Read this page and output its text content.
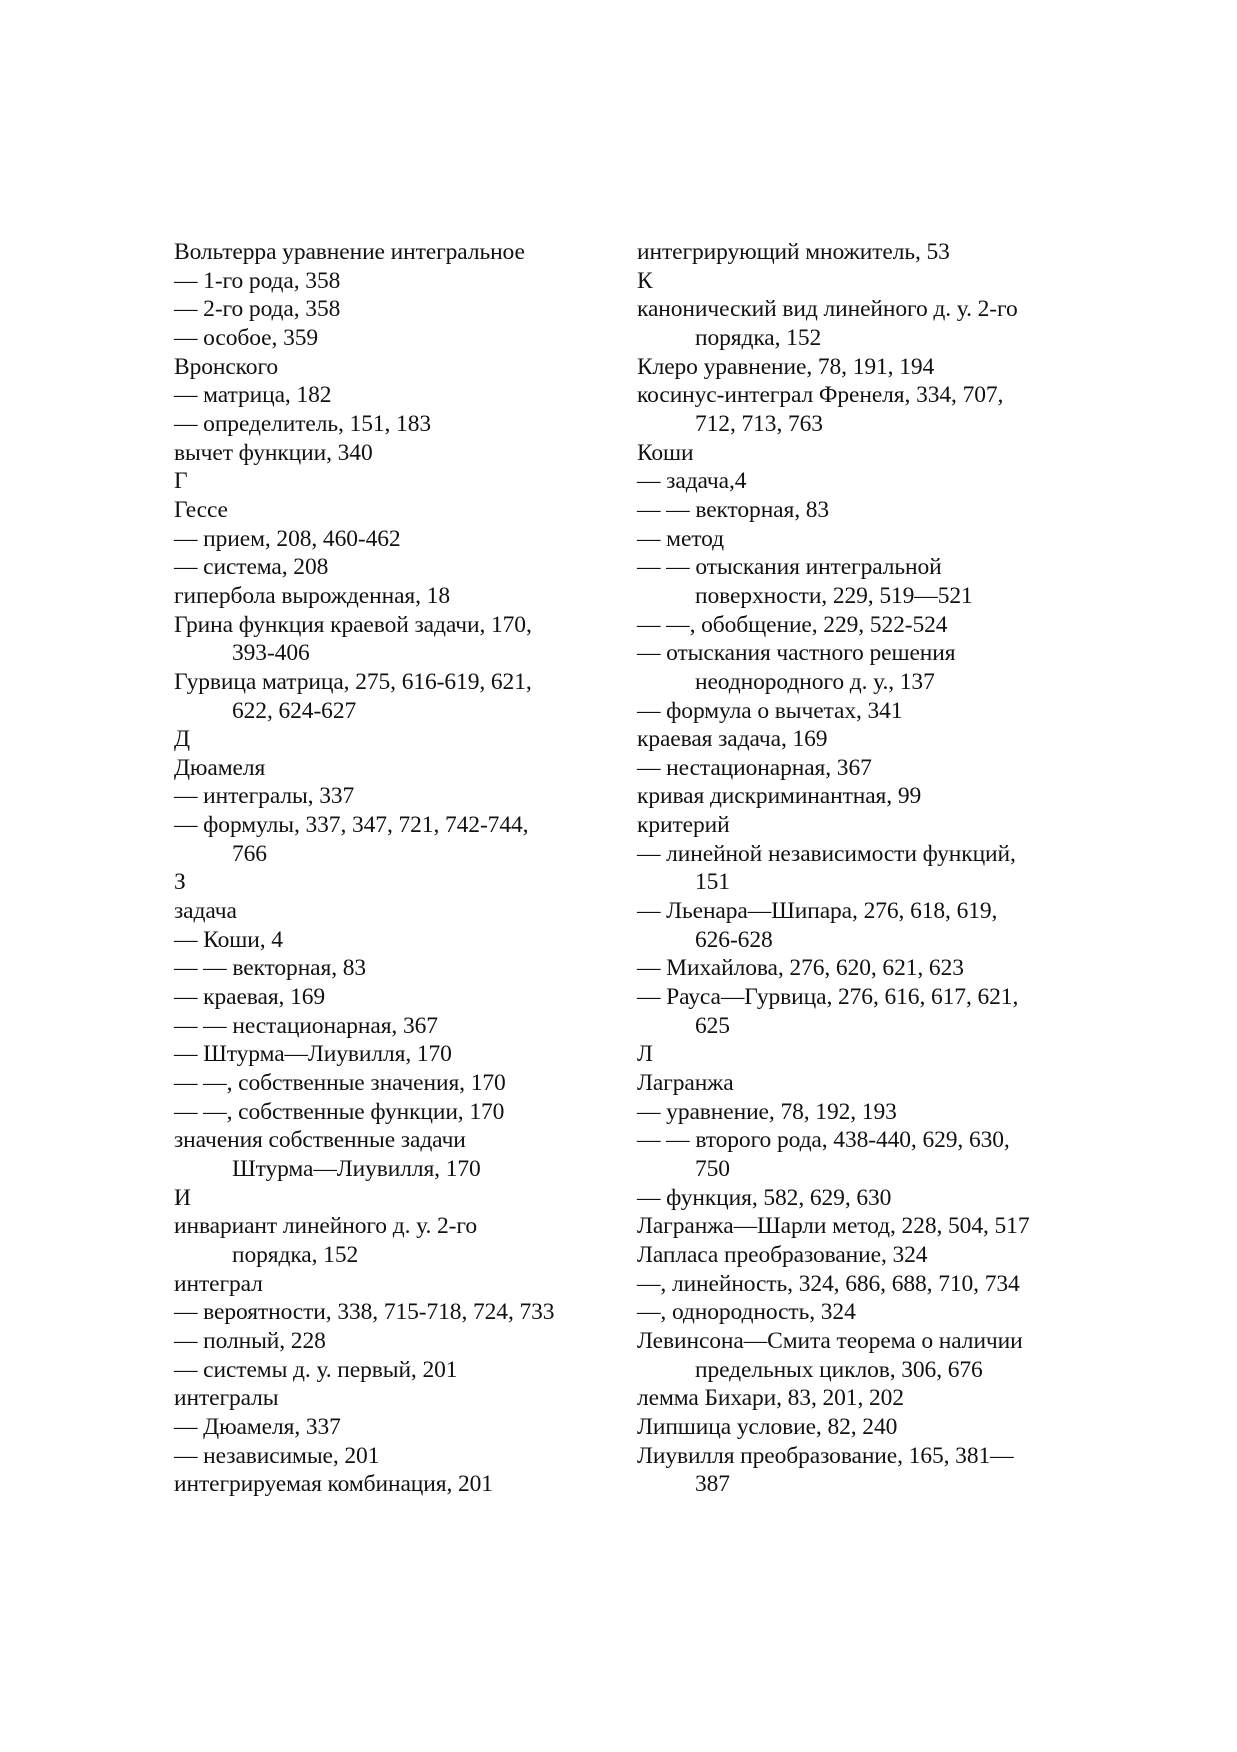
Вольтерра уравнение интегральное
— 1-го рода, 358
— 2-го рода, 358
— особое, 359
Вронского
— матрица, 182
— определитель, 151, 183
вычет функции, 340
Г
Гессе
— прием, 208, 460-462
— система, 208
гипербола вырожденная, 18
Грина функция краевой задачи, 170,
393-406
Гурвица матрица, 275, 616-619, 621,
622, 624-627
Д
Дюамеля
— интегралы, 337
— формулы, 337, 347, 721, 742-744,
766
З
задача
— Коши, 4
— — векторная, 83
— краевая, 169
— — нестационарная, 367
— Штурма—Лиувилля, 170
— —, собственные значения, 170
— —, собственные функции, 170
значения собственные задачи
Штурма—Лиувилля, 170
И
инвариант линейного д. у. 2-го
порядка, 152
интеграл
— вероятности, 338, 715-718, 724, 733
— полный, 228
— системы д. у. первый, 201
интегралы
— Дюамеля, 337
— независимые, 201
интегрируемая комбинация, 201
интегрирующий множитель, 53
К
канонический вид линейного д. у. 2-го
порядка, 152
Клеро уравнение, 78, 191, 194
косинус-интеграл Френеля, 334, 707,
712, 713, 763
Коши
— задача,4
— — векторная, 83
— метод
— — отыскания интегральной
поверхности, 229, 519—521
— —, обобщение, 229, 522-524
— отыскания частного решения
неоднородного д. у., 137
— формула о вычетах, 341
краевая задача, 169
— нестационарная, 367
кривая дискриминантная, 99
критерий
— линейной независимости функций,
151
— Льенара—Шипара, 276, 618, 619,
626-628
— Михайлова, 276, 620, 621, 623
— Рауса—Гурвица, 276, 616, 617, 621,
625
Л
Лагранжа
— уравнение, 78, 192, 193
— — второго рода, 438-440, 629, 630,
750
— функция, 582, 629, 630
Лагранжа—Шарли метод, 228, 504, 517
Лапласа преобразование, 324
—, линейность, 324, 686, 688, 710, 734
—, однородность, 324
Левинсона—Смита теорема о наличии
предельных циклов, 306, 676
лемма Бихари, 83, 201, 202
Липшица условие, 82, 240
Лиувилля преобразование, 165, 381—
387
